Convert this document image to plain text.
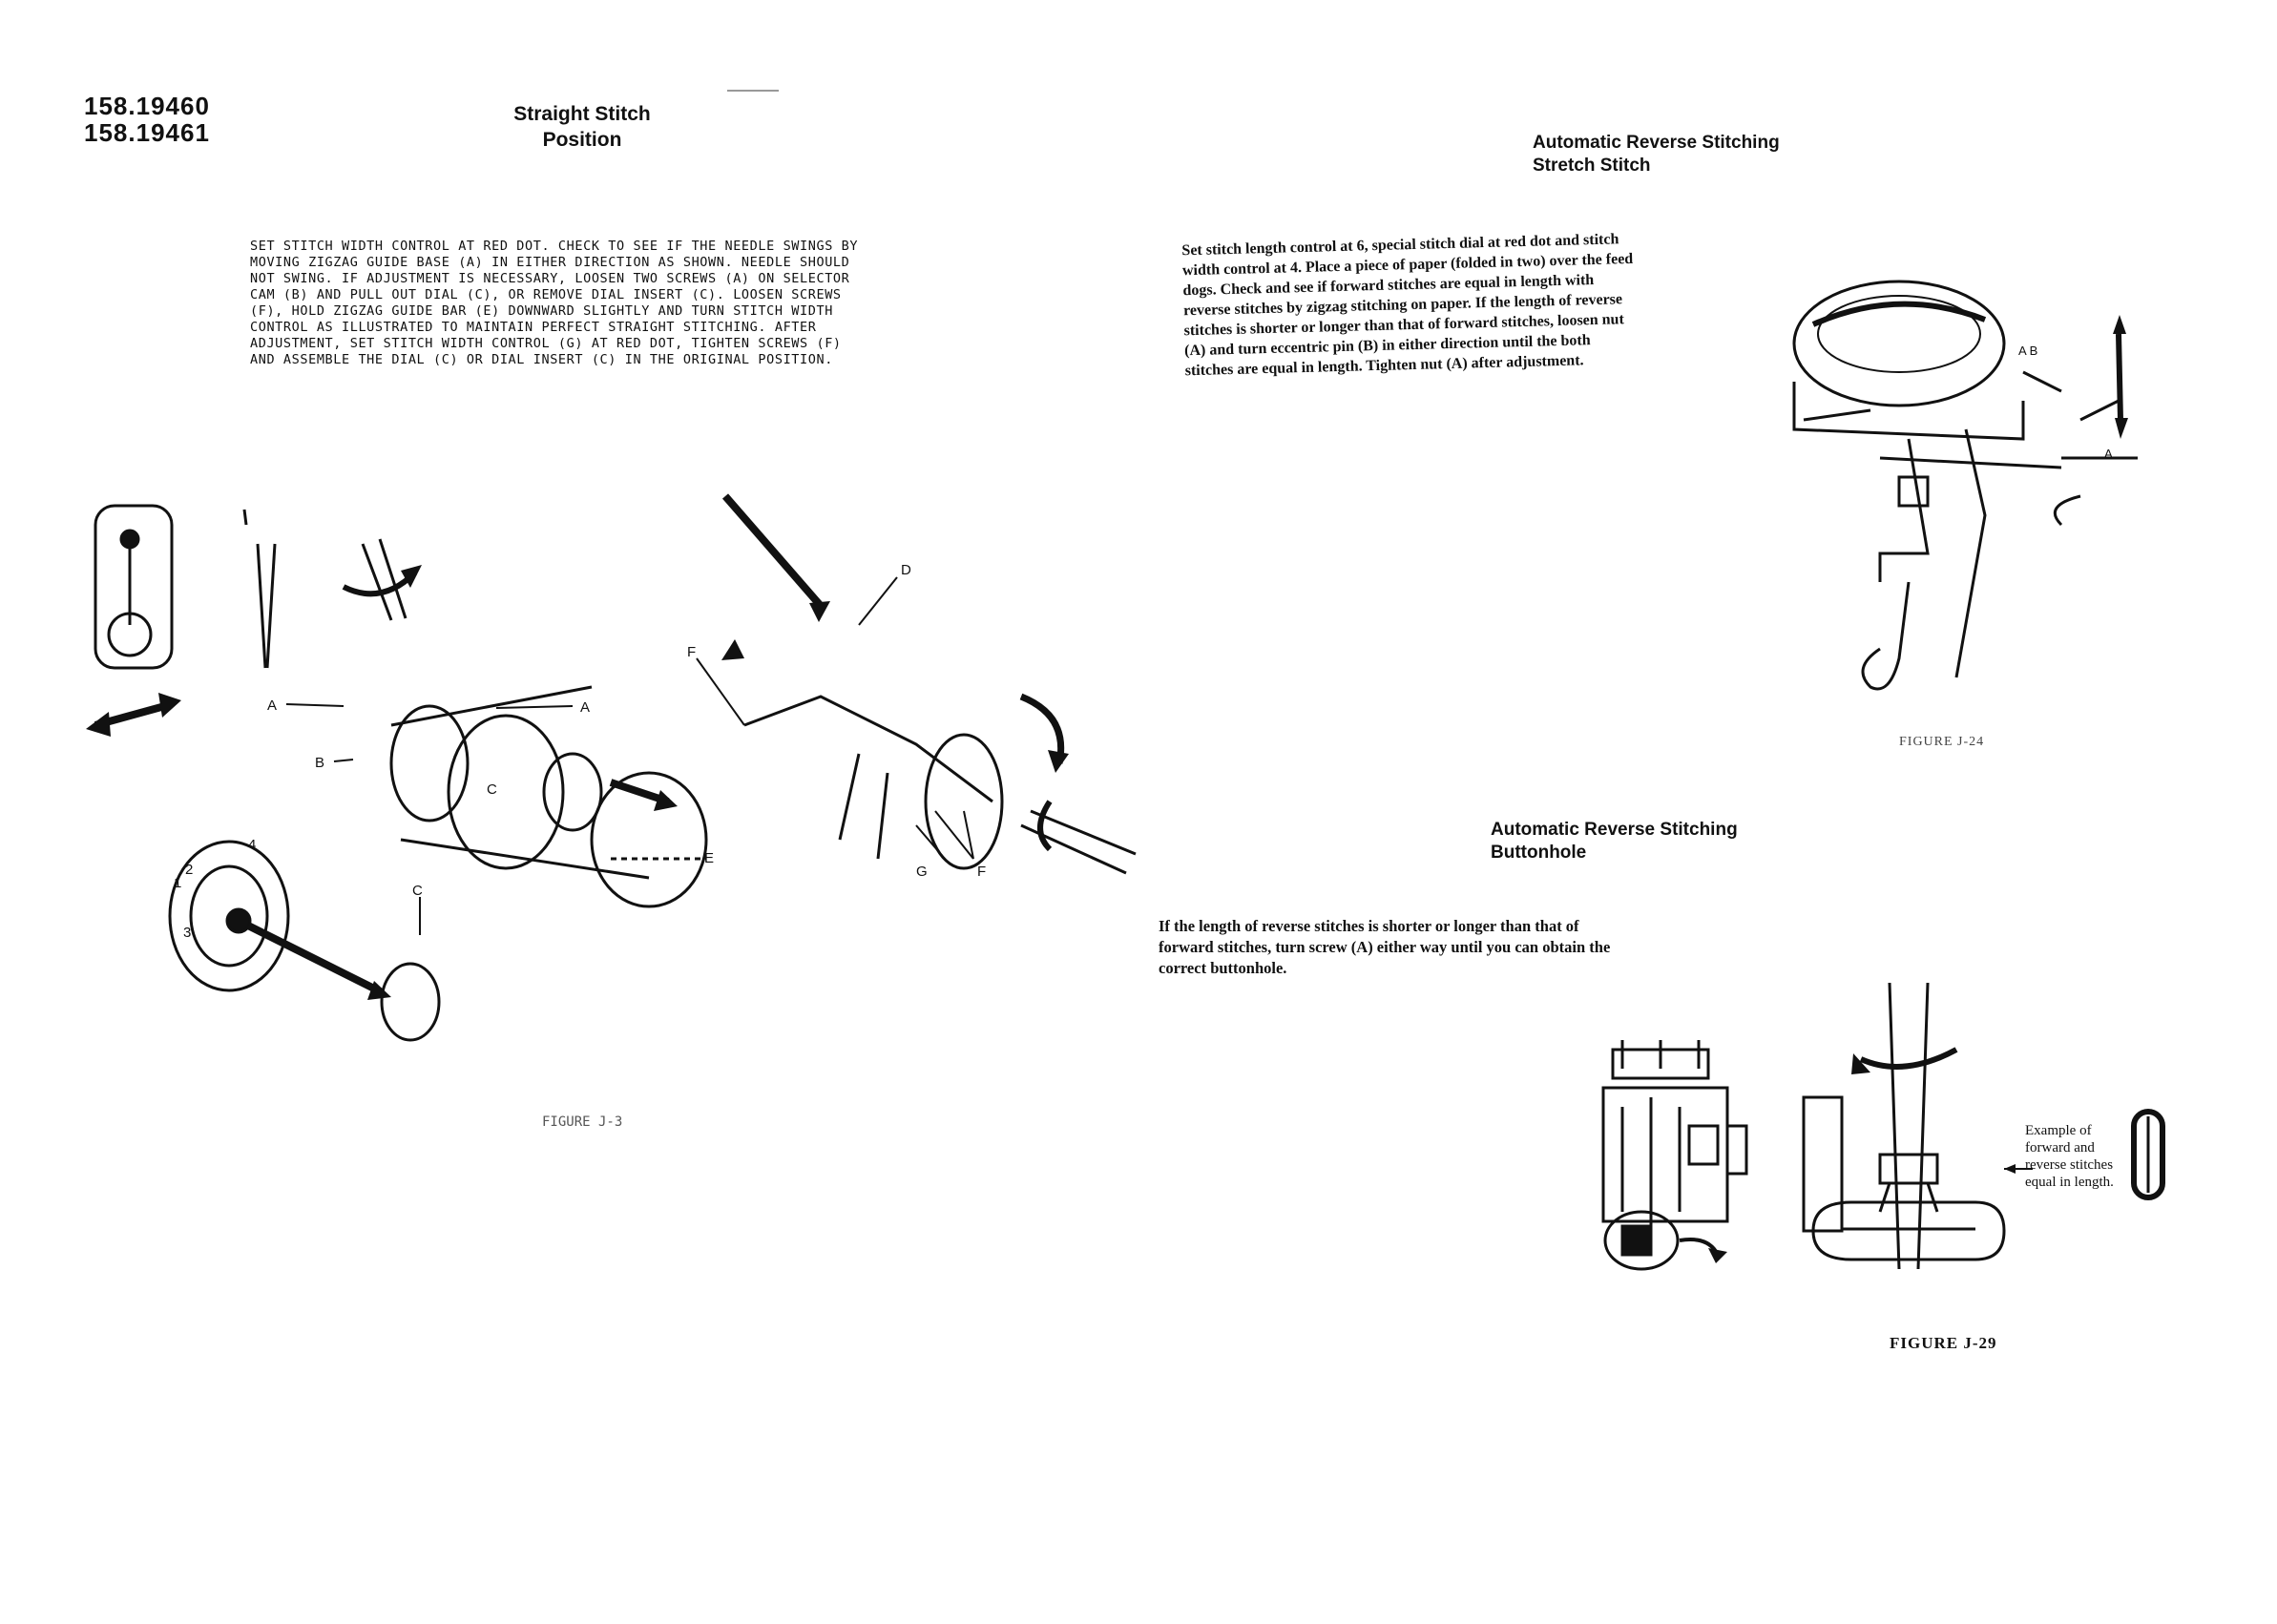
158.19460
158.19461
Straight Stitch
Position
SET STITCH WIDTH CONTROL AT RED DOT. CHECK TO SEE IF THE NEEDLE SWINGS BY MOVING ZIGZAG GUIDE BASE (A) IN EITHER DIRECTION AS SHOWN. NEEDLE SHOULD NOT SWING. IF ADJUSTMENT IS NECESSARY, LOOSEN TWO SCREWS (A) ON SELECTOR CAM (B) AND PULL OUT DIAL (C), OR REMOVE DIAL INSERT (C). LOOSEN SCREWS (F), HOLD ZIGZAG GUIDE BAR (E) DOWNWARD SLIGHTLY AND TURN STITCH WIDTH CONTROL AS ILLUSTRATED TO MAINTAIN PERFECT STRAIGHT STITCHING. AFTER ADJUSTMENT, SET STITCH WIDTH CONTROL (G) AT RED DOT, TIGHTEN SCREWS (F) AND ASSEMBLE THE DIAL (C) OR DIAL INSERT (C) IN THE ORIGINAL POSITION.
A	A
B
C
C
D
E
F
F
G
1
2
3
4
FIGURE J-3
Automatic Reverse Stitching
Stretch Stitch
Set stitch length control at 6, special stitch dial at red dot and stitch width control at 4. Place a piece of paper (folded in two) over the feed dogs. Check and see if forward stitches are equal in length with reverse stitches by zigzag stitching on paper. If the length of reverse stitches is shorter or longer than that of forward stitches, loosen nut (A) and turn eccentric pin (B) in either direction until the both stitches are equal in length. Tighten nut (A) after adjustment.
A B
A
FIGURE J-24
Automatic Reverse Stitching
Buttonhole
If the length of reverse stitches is shorter or longer than that of forward stitches, turn screw (A) either way until you can obtain the correct buttonhole.
Example of forward and reverse stitches equal in length.
FIGURE J-29
